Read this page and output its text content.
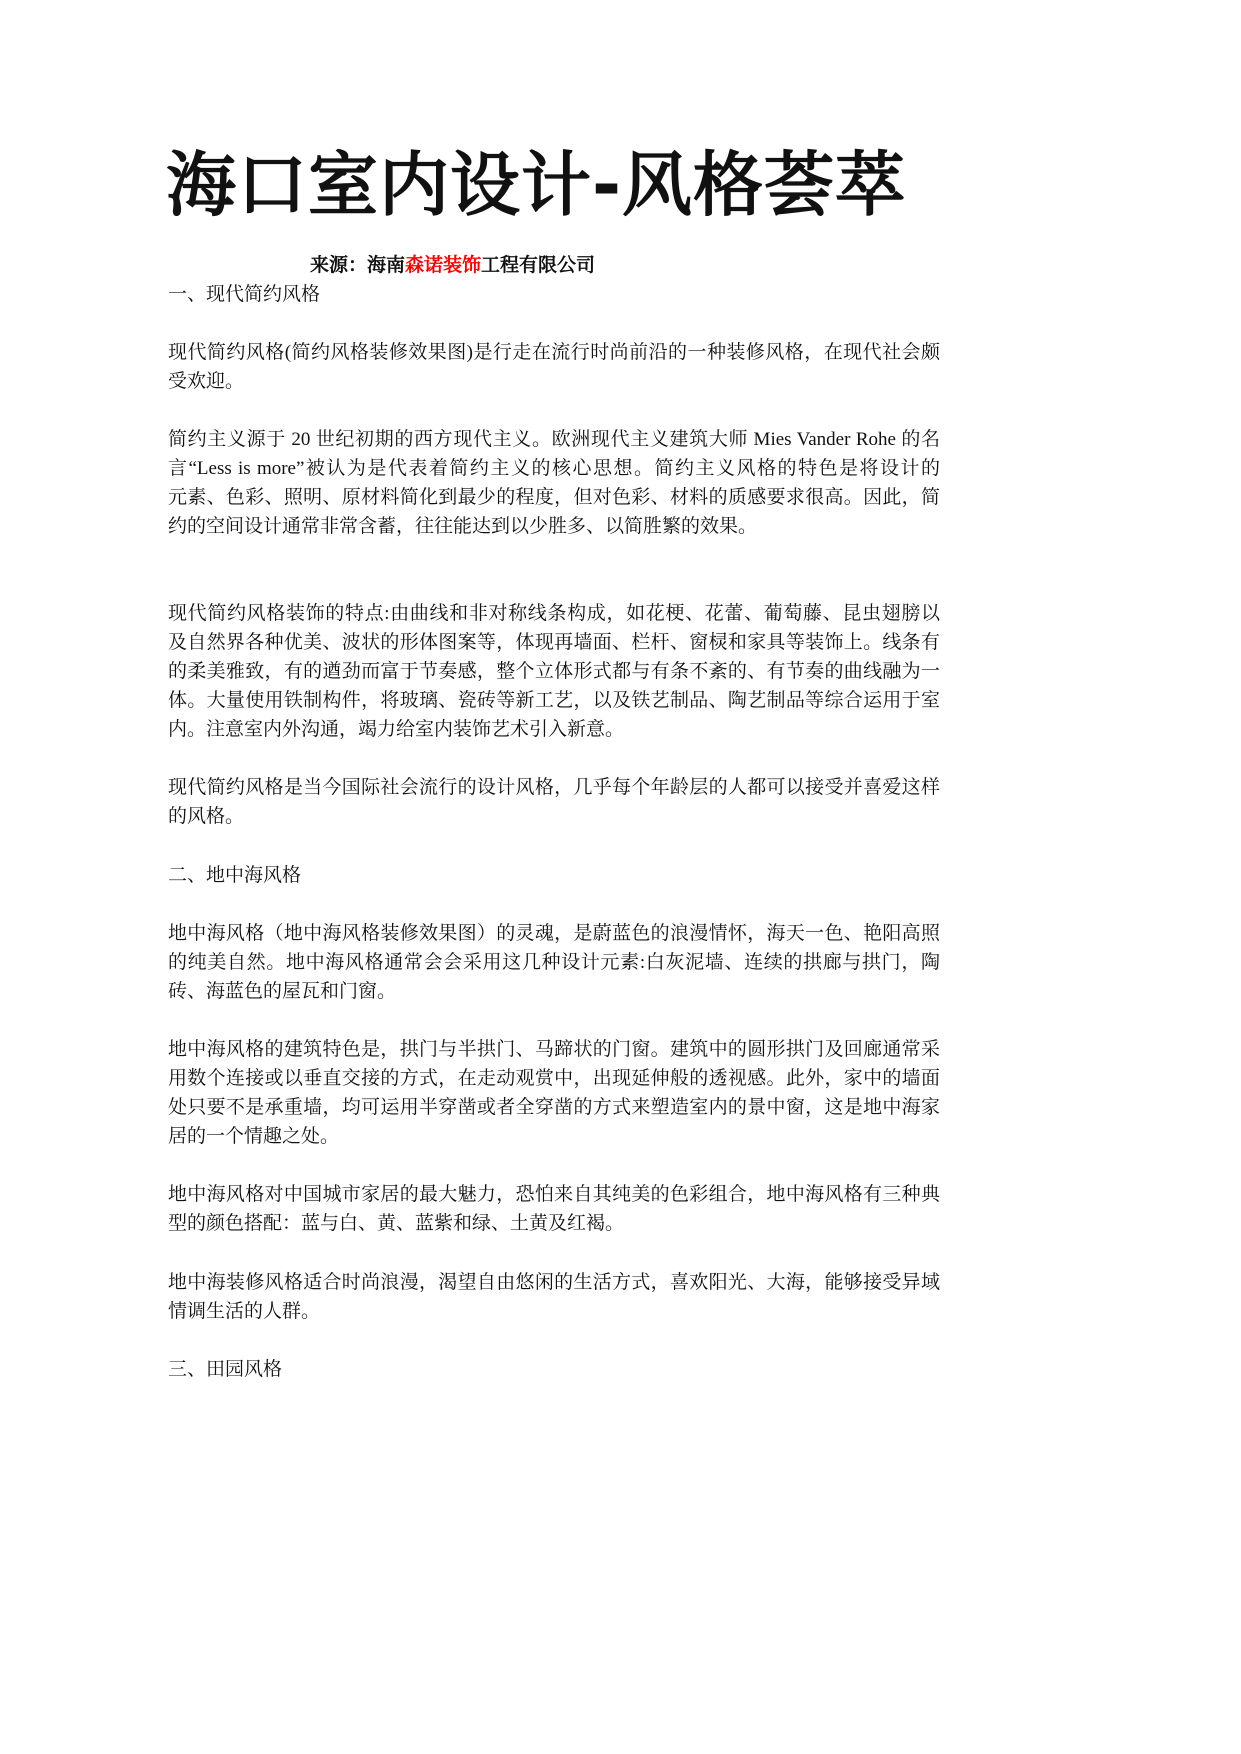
海口室内设计-风格荟萃
来源：海南森诺装饰工程有限公司
一、现代简约风格
现代简约风格(简约风格装修效果图)是行走在流行时尚前沿的一种装修风格，在现代社会颇
受欢迎。
简约主义源于 20 世纪初期的西方现代主义。欧洲现代主义建筑大师 Mies Vander Rohe 的名
言“Less is more”被认为是代表着简约主义的核心思想。简约主义风格的特色是将设计的
元素、色彩、照明、原材料简化到最少的程度，但对色彩、材料的质感要求很高。因此，简
约的空间设计通常非常含蓄，往往能达到以少胜多、以简胜繁的效果。
现代简约风格装饰的特点:由曲线和非对称线条构成，如花梗、花蕾、葡萄藤、昆虫翅膀以
及自然界各种优美、波状的形体图案等，体现再墙面、栏杆、窗棂和家具等装饰上。线条有
的柔美雅致，有的遒劲而富于节奏感，整个立体形式都与有条不紊的、有节奏的曲线融为一
体。大量使用铁制构件，将玻璃、瓷砖等新工艺，以及铁艺制品、陶艺制品等综合运用于室
内。注意室内外沟通，竭力给室内装饰艺术引入新意。
现代简约风格是当今国际社会流行的设计风格，几乎每个年龄层的人都可以接受并喜爱这样
的风格。
二、地中海风格
地中海风格（地中海风格装修效果图）的灵魂，是蔚蓝色的浪漫情怀，海天一色、艳阳高照
的纯美自然。地中海风格通常会会采用这几种设计元素:白灰泥墙、连续的拱廊与拱门，陶
砖、海蓝色的屋瓦和门窗。
地中海风格的建筑特色是，拱门与半拱门、马蹄状的门窗。建筑中的圆形拱门及回廊通常采
用数个连接或以垂直交接的方式，在走动观赏中，出现延伸般的透视感。此外，家中的墙面
处只要不是承重墙，均可运用半穿凿或者全穿凿的方式来塑造室内的景中窗，这是地中海家
居的一个情趣之处。
地中海风格对中国城市家居的最大魅力，恐怕来自其纯美的色彩组合，地中海风格有三种典
型的颜色搭配：蓝与白、黄、蓝紫和绿、土黄及红褐。
地中海装修风格适合时尚浪漫，渴望自由悠闲的生活方式，喜欢阳光、大海，能够接受异域
情调生活的人群。
三、田园风格
